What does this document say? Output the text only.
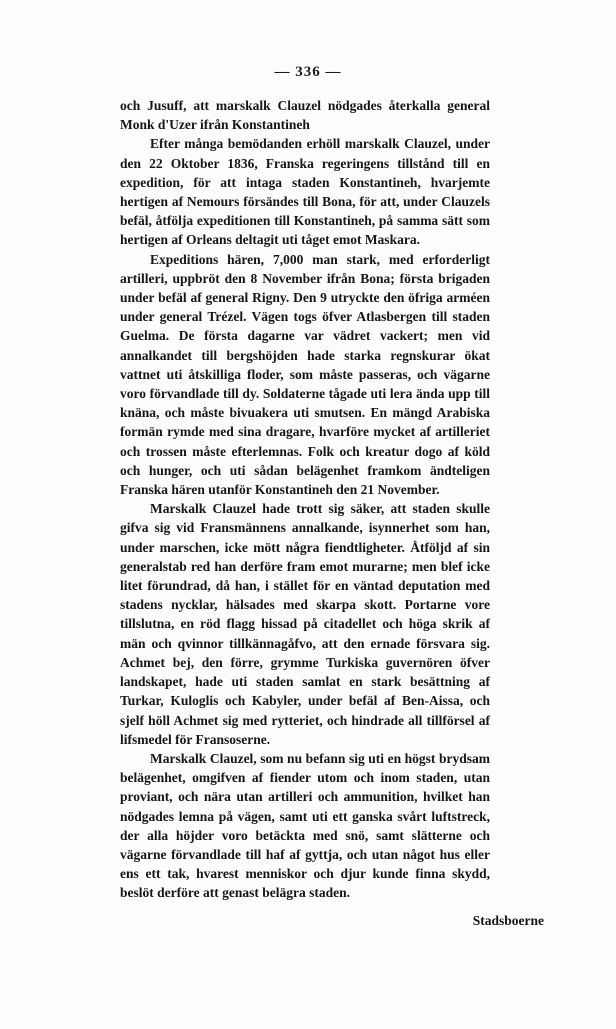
— 336 —

och Jusuff, att marskalk Clauzel nödgades återkalla general Monk d'Uzer ifrån Konstantineh

Efter många bemödanden erhöll marskalk Clauzel, under den 22 Oktober 1836, Franska regeringens tillstånd till en expedition, för att intaga staden Konstantineh, hvarjemte hertigen af Nemours försändes till Bona, för att, under Clauzels befäl, åtfölja expeditionen till Konstantineh, på samma sätt som hertigen af Orleans deltagit uti tåget emot Maskara.

Expeditions hären, 7,000 man stark, med erforderligt artilleri, uppbröt den 8 November ifrån Bona; första brigaden under befäl af general Rigny. Den 9 utryckte den öfriga arméen under general Trézel. Vägen togs öfver Atlasbergen till staden Guelma. De första dagarne var vädret vackert; men vid annalkandet till bergshöjden hade starka regnskurar ökat vattnet uti åtskilliga floder, som måste passeras, och vägarne voro förvandlade till dy. Soldaterne tågade uti lera ända upp till knäna, och måste bivuakera uti smutsen. En mängd Arabiska formän rymde med sina dragare, hvarföre mycket af artilleriet och trossen måste efterlemnas. Folk och kreatur dogo af köld och hunger, och uti sådan belägenhet framkom ändteligen Franska hären utanför Konstantineh den 21 November.

Marskalk Clauzel hade trott sig säker, att staden skulle gifva sig vid Fransmännens annalkande, isynnerhet som han, under marschen, icke mött några fiendtligheter. Åtföljd af sin generalstab red han derföre fram emot murarne; men blef icke litet förundrad, då han, i stället för en väntad deputation med stadens nycklar, hälsades med skarpa skott. Portarne vore tillslutna, en röd flagg hissad på citadellet och höga skrik af män och qvinnor tillkännagåfvo, att den ernade försvara sig. Achmet bej, den förre, grymme Turkiska guvernören öfver landskapet, hade uti staden samlat en stark besättning af Turkar, Kuloglis och Kabyler, under befäl af Ben-Aissa, och sjelf höll Achmet sig med rytteriet, och hindrade all tillförsel af lifsmedel för Fransoserne.

Marskalk Clauzel, som nu befann sig uti en högst brydsam belägenhet, omgifven af fiender utom och inom staden, utan proviant, och nära utan artilleri och ammunition, hvilket han nödgades lemna på vägen, samt uti ett ganska svårt luftstreck, der alla höjder voro betäckta med snö, samt slätterne och vägarne förvandlade till haf af gyttja, och utan något hus eller ens ett tak, hvarest menniskor och djur kunde finna skydd, beslöt derföre att genast belägra staden.

Stadsboerne
